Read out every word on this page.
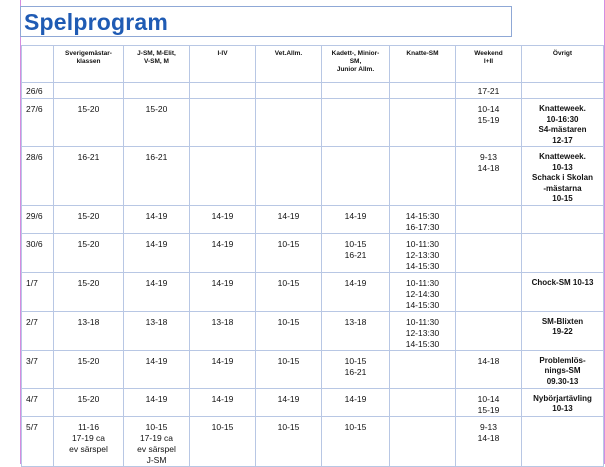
Spelprogram
	Sverigemästar-
klassen	J-SM, M-Elit,
V-SM, M	I-IV	Vet.Allm.	Kadett-, Minior-
SM,
Junior Allm.	Knatte-SM	Weekend
I+II	Övrigt
26/6							17-21	
27/6	15-20	15-20					10-14
15-19	Knatteweek.
10-16:30
S4-mästaren
12-17
28/6	16-21	16-21					9-13
14-18	Knatteweek.
10-13
Schack i Skolan
-mästarna
10-15
29/6	15-20	14-19	14-19	14-19	14-19	14-15:30
16-17:30		
30/6	15-20	14-19	14-19	10-15	10-15
16-21	10-11:30
12-13:30
14-15:30		
1/7	15-20	14-19	14-19	10-15	14-19	10-11:30
12-14:30
14-15:30		Chock-SM 10-13
2/7	13-18	13-18	13-18	10-15	13-18	10-11:30
12-13:30
14-15:30		SM-Blixten
19-22
3/7	15-20	14-19	14-19	10-15	10-15
16-21		14-18	Problemlös-
nings-SM
09.30-13
4/7	15-20	14-19	14-19	14-19	14-19		10-14
15-19	Nybörjartävling
10-13
5/7	11-16
17-19 ca
ev särspel	10-15
17-19 ca
ev särspel
J-SM	10-15	10-15	10-15		9-13
14-18	
